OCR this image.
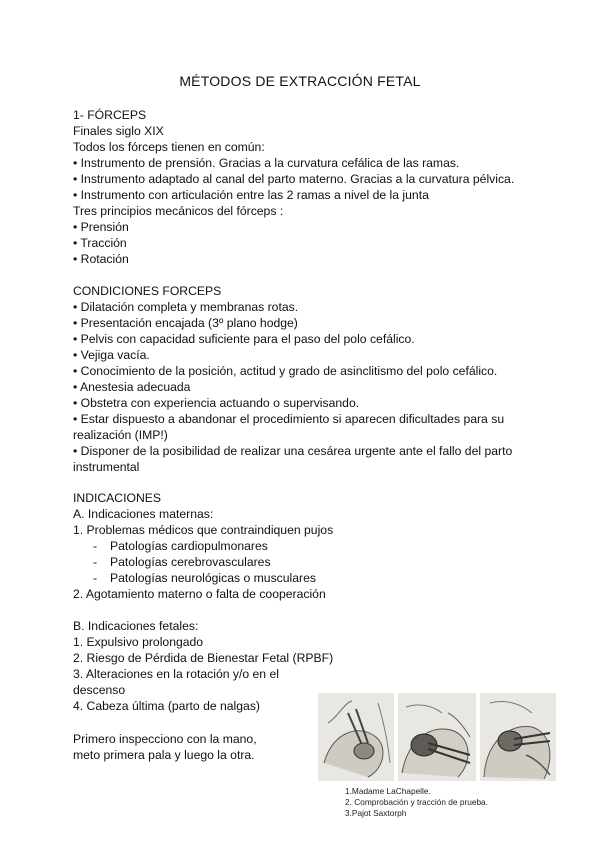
MÉTODOS DE EXTRACCIÓN FETAL
1- FÓRCEPS
Finales siglo XIX
Todos los fórceps tienen en común:
• Instrumento de prensión. Gracias a la curvatura cefálica de las ramas.
• Instrumento adaptado al canal del parto materno. Gracias a la curvatura pélvica.
• Instrumento con articulación entre las 2 ramas a nivel de la junta
Tres principios mecánicos del fórceps :
• Prensión
• Tracción
• Rotación
CONDICIONES FORCEPS
• Dilatación completa y membranas rotas.
• Presentación encajada (3º plano hodge)
• Pelvis con capacidad suficiente para el paso del polo cefálico.
• Vejiga vacía.
• Conocimiento de la posición, actitud y grado de asinclitismo del polo cefálico.
• Anestesia adecuada
• Obstetra con experiencia actuando o supervisando.
• Estar dispuesto a abandonar el procedimiento si aparecen dificultades para su realización (IMP!)
• Disponer de la posibilidad de realizar una cesárea urgente ante el fallo del parto instrumental
INDICACIONES
A. Indicaciones maternas:
1. Problemas médicos que contraindiquen pujos
- Patologías cardiopulmonares
- Patologías cerebrovasculares
- Patologías neurológicas o musculares
2. Agotamiento materno o falta de cooperación
B. Indicaciones fetales:
1. Expulsivo prolongado
2. Riesgo de Pérdida de Bienestar Fetal (RPBF)
3. Alteraciones en la rotación y/o en el
descenso
4. Cabeza última (parto de nalgas)
Primero inspecciono con la mano,
meto primera pala y luego la otra.
1.Madame LaChapelle.
2. Comprobación y tracción de prueba.
3.Pajot Saxtorph
